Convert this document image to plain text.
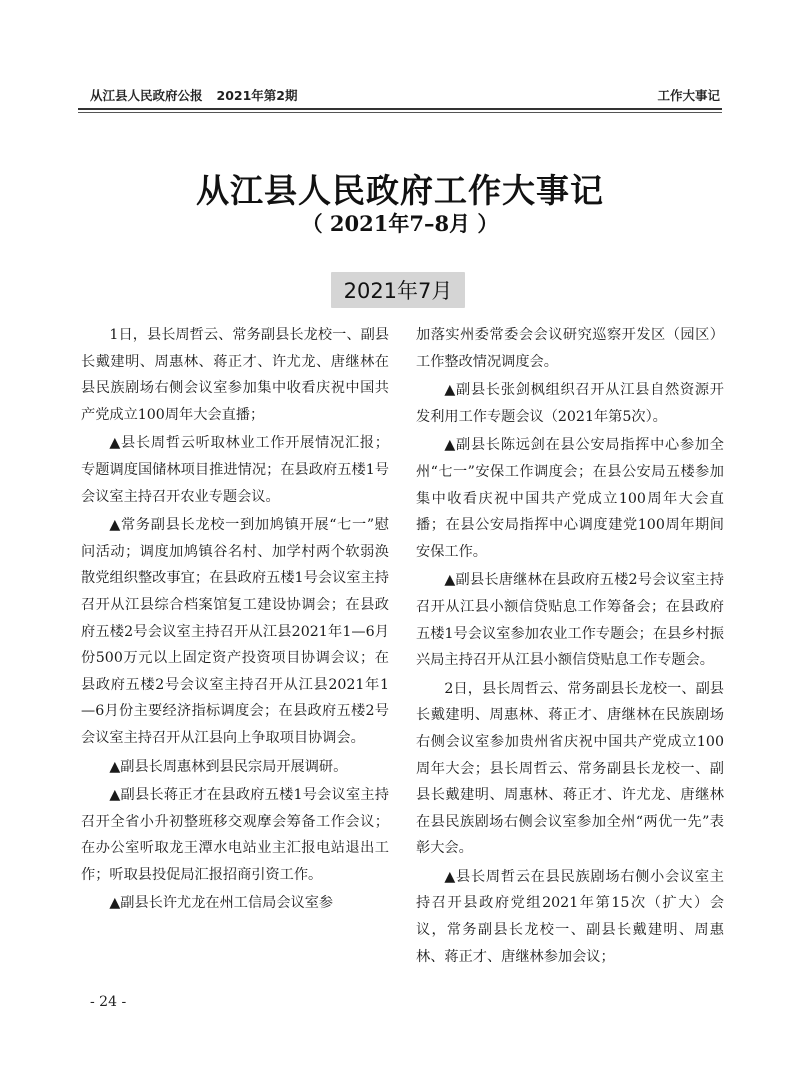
从江县人民政府公报 2021年第2期	工作大事记
从江县人民政府工作大事记
（ 2021年7–8月 ）
2021年7月

1日，县长周哲云、常务副县长龙校一、副县长戴建明、周惠林、蒋正才、许尤龙、唐继林在县民族剧场右侧会议室参加集中收看庆祝中国共产党成立100周年大会直播；

▲县长周哲云听取林业工作开展情况汇报；专题调度国储林项目推进情况；在县政府五楼1号会议室主持召开农业专题会议。

▲常务副县长龙校一到加鸠镇开展“七一”慰问活动；调度加鸠镇谷名村、加学村两个软弱涣散党组织整改事宜；在县政府五楼1号会议室主持召开从江县综合档案馆复工建设协调会；在县政府五楼2号会议室主持召开从江县2021年1—6月份500万元以上固定资产投资项目协调会议；在县政府五楼2号会议室主持召开从江县2021年1—6月份主要经济指标调度会；在县政府五楼2号会议室主持召开从江县向上争取项目协调会。

▲副县长周惠林到县民宗局开展调研。

▲副县长蒋正才在县政府五楼1号会议室主持召开全省小升初整班移交观摩会筹备工作会议；在办公室听取龙王潭水电站业主汇报电站退出工作；听取县投促局汇报招商引资工作。

▲副县长许尤龙在州工信局会议室参

加落实州委常委会会议研究巡察开发区（园区）工作整改情况调度会。

▲副县长张剑枫组织召开从江县自然资源开发利用工作专题会议（2021年第5次）。

▲副县长陈远剑在县公安局指挥中心参加全州“七一”安保工作调度会；在县公安局五楼参加集中收看庆祝中国共产党成立100周年大会直播；在县公安局指挥中心调度建党100周年期间安保工作。

▲副县长唐继林在县政府五楼2号会议室主持召开从江县小额信贷贴息工作筹备会；在县政府五楼1号会议室参加农业工作专题会；在县乡村振兴局主持召开从江县小额信贷贴息工作专题会。

2日，县长周哲云、常务副县长龙校一、副县长戴建明、周惠林、蒋正才、唐继林在民族剧场右侧会议室参加贵州省庆祝中国共产党成立100周年大会；县长周哲云、常务副县长龙校一、副县长戴建明、周惠林、蒋正才、许尤龙、唐继林在县民族剧场右侧会议室参加全州“两优一先”表彰大会。

▲县长周哲云在县民族剧场右侧小会议室主持召开县政府党组2021年第15次（扩大）会议，常务副县长龙校一、副县长戴建明、周惠林、蒋正才、唐继林参加会议；

- 24 -
